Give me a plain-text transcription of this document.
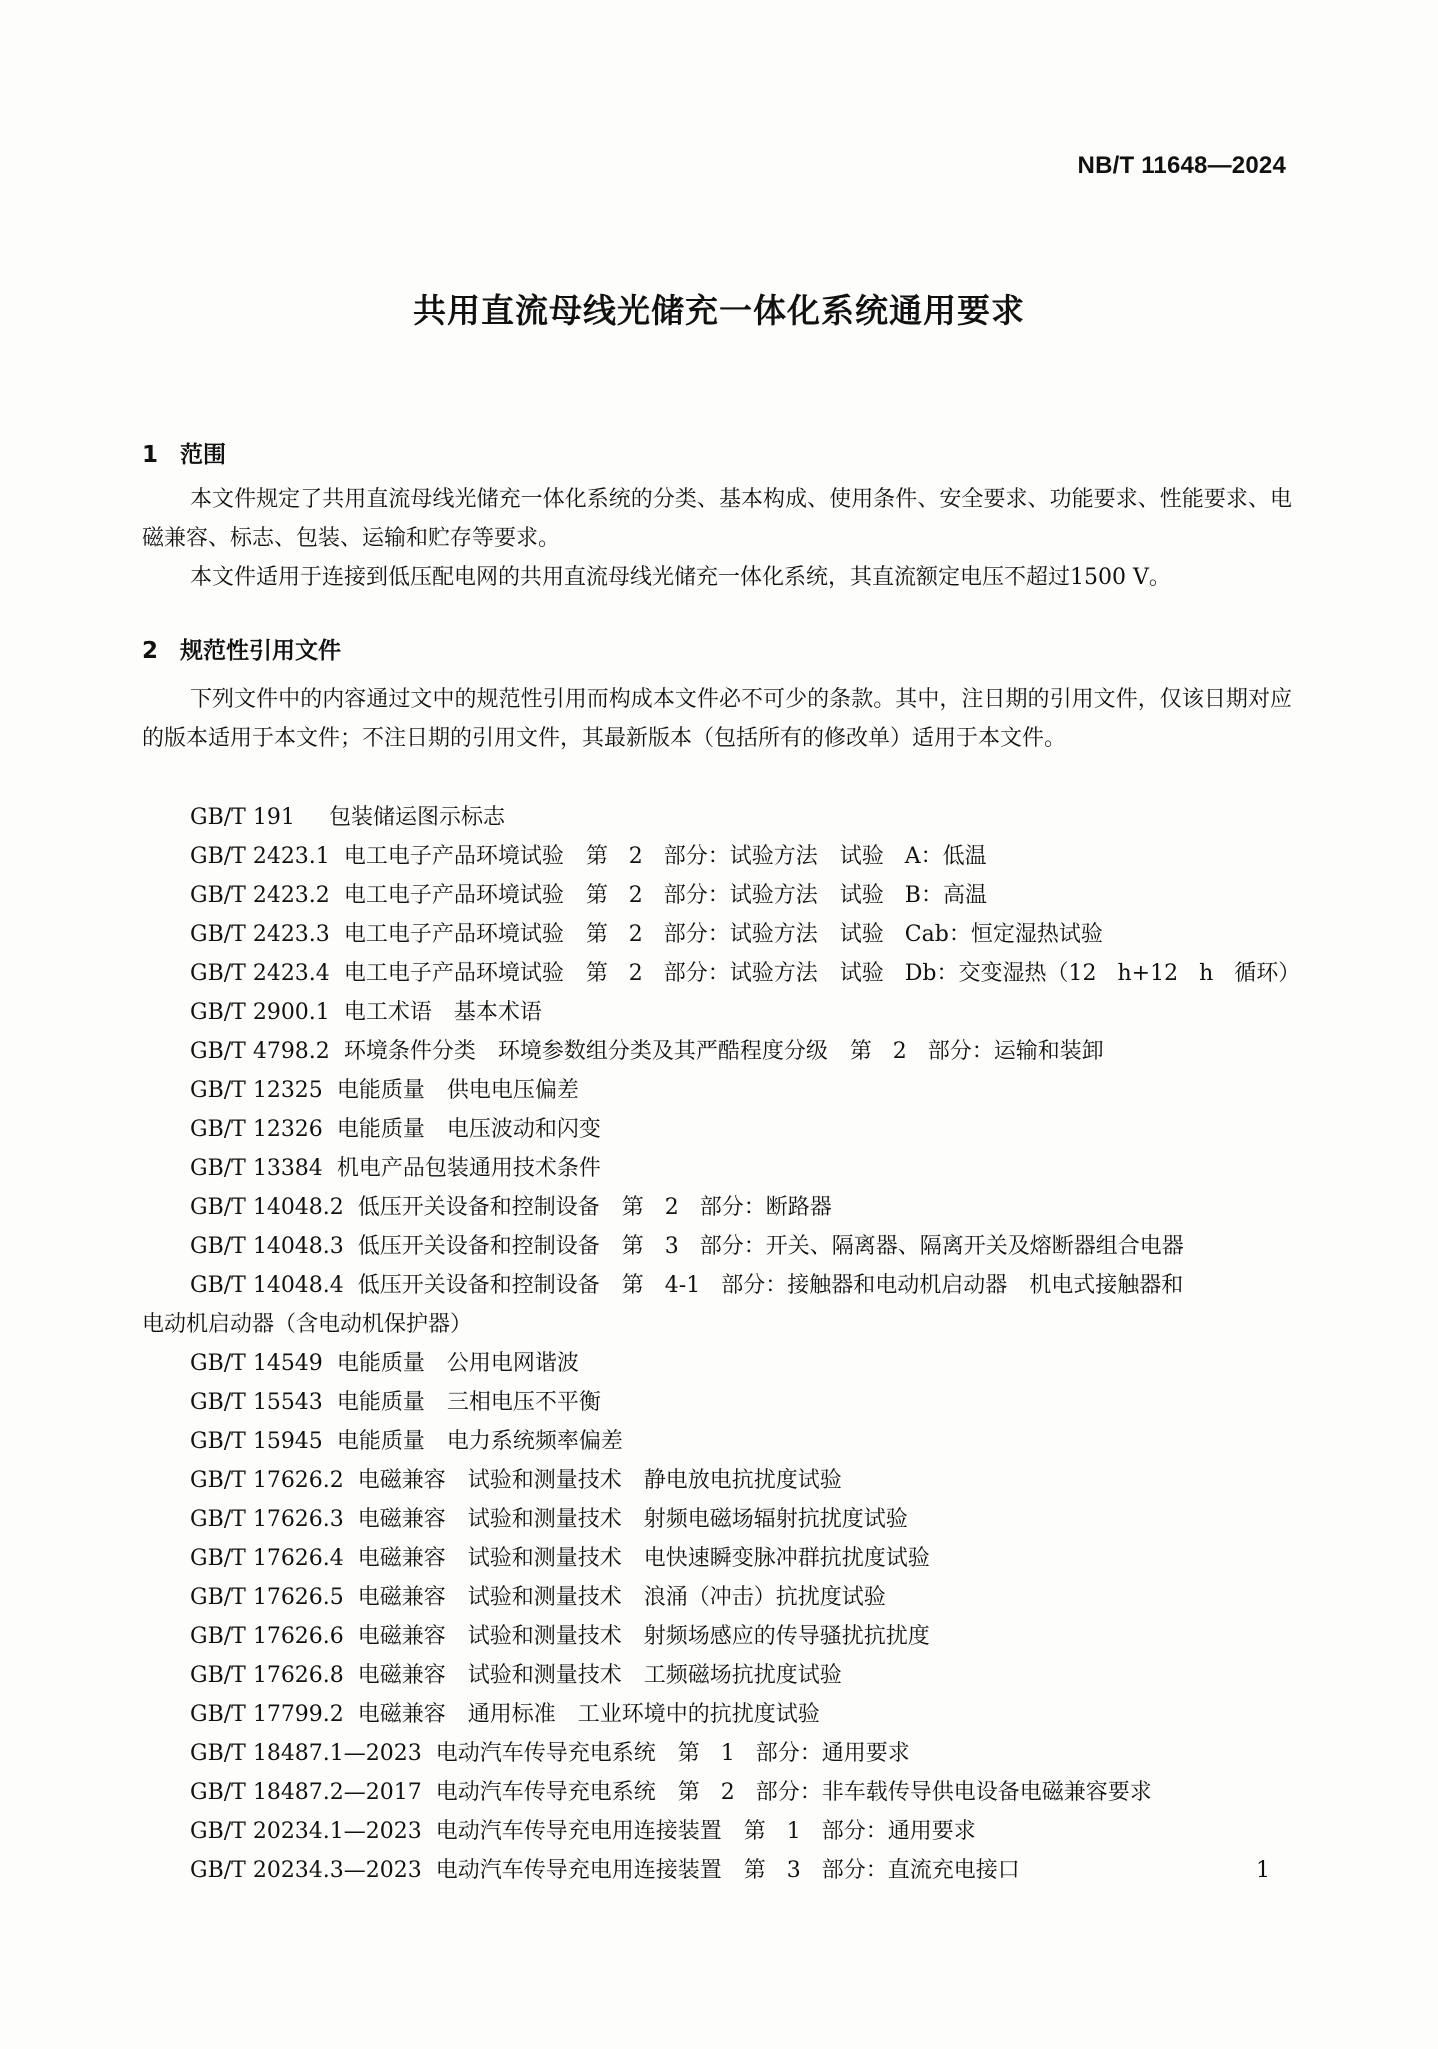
NB/T 11648—2024
共用直流母线光储充一体化系统通用要求
1 范围

本文件规定了共用直流母线光储充一体化系统的分类、基本构成、使用条件、安全要求、功能要求、性能要求、电磁兼容、标志、包装、运输和贮存等要求。

本文件适用于连接到低压配电网的共用直流母线光储充一体化系统，其直流额定电压不超过1500 V。

2 规范性引用文件

下列文件中的内容通过文中的规范性引用而构成本文件必不可少的条款。其中，注日期的引用文件，仅该日期对应的版本适用于本文件；不注日期的引用文件，其最新版本（包括所有的修改单）适用于本文件。

GB/T 191 包装储运图示标志
GB/T 2423.1 电工电子产品环境试验　第 2 部分：试验方法　试验 A：低温
GB/T 2423.2 电工电子产品环境试验　第 2 部分：试验方法　试验 B：高温
GB/T 2423.3 电工电子产品环境试验　第 2 部分：试验方法　试验 Cab：恒定湿热试验
GB/T 2423.4 电工电子产品环境试验　第 2 部分：试验方法　试验 Db：交变湿热（12 h+12 h 循环）
GB/T 2900.1 电工术语　基本术语
GB/T 4798.2 环境条件分类　环境参数组分类及其严酷程度分级　第 2 部分：运输和装卸
GB/T 12325 电能质量　供电电压偏差
GB/T 12326 电能质量　电压波动和闪变
GB/T 13384 机电产品包装通用技术条件
GB/T 14048.2 低压开关设备和控制设备　第 2 部分：断路器
GB/T 14048.3 低压开关设备和控制设备　第 3 部分：开关、隔离器、隔离开关及熔断器组合电器
GB/T 14048.4 低压开关设备和控制设备　第 4-1 部分：接触器和电动机启动器　机电式接触器和
电动机启动器（含电动机保护器）
GB/T 14549 电能质量　公用电网谐波
GB/T 15543 电能质量　三相电压不平衡
GB/T 15945 电能质量　电力系统频率偏差
GB/T 17626.2 电磁兼容　试验和测量技术　静电放电抗扰度试验
GB/T 17626.3 电磁兼容　试验和测量技术　射频电磁场辐射抗扰度试验
GB/T 17626.4 电磁兼容　试验和测量技术　电快速瞬变脉冲群抗扰度试验
GB/T 17626.5 电磁兼容　试验和测量技术　浪涌（冲击）抗扰度试验
GB/T 17626.6 电磁兼容　试验和测量技术　射频场感应的传导骚扰抗扰度
GB/T 17626.8 电磁兼容　试验和测量技术　工频磁场抗扰度试验
GB/T 17799.2 电磁兼容　通用标准　工业环境中的抗扰度试验
GB/T 18487.1—2023 电动汽车传导充电系统　第 1 部分：通用要求
GB/T 18487.2—2017 电动汽车传导充电系统　第 2 部分：非车载传导供电设备电磁兼容要求
GB/T 20234.1—2023 电动汽车传导充电用连接装置　第 1 部分：通用要求
GB/T 20234.3—2023 电动汽车传导充电用连接装置　第 3 部分：直流充电接口	1
